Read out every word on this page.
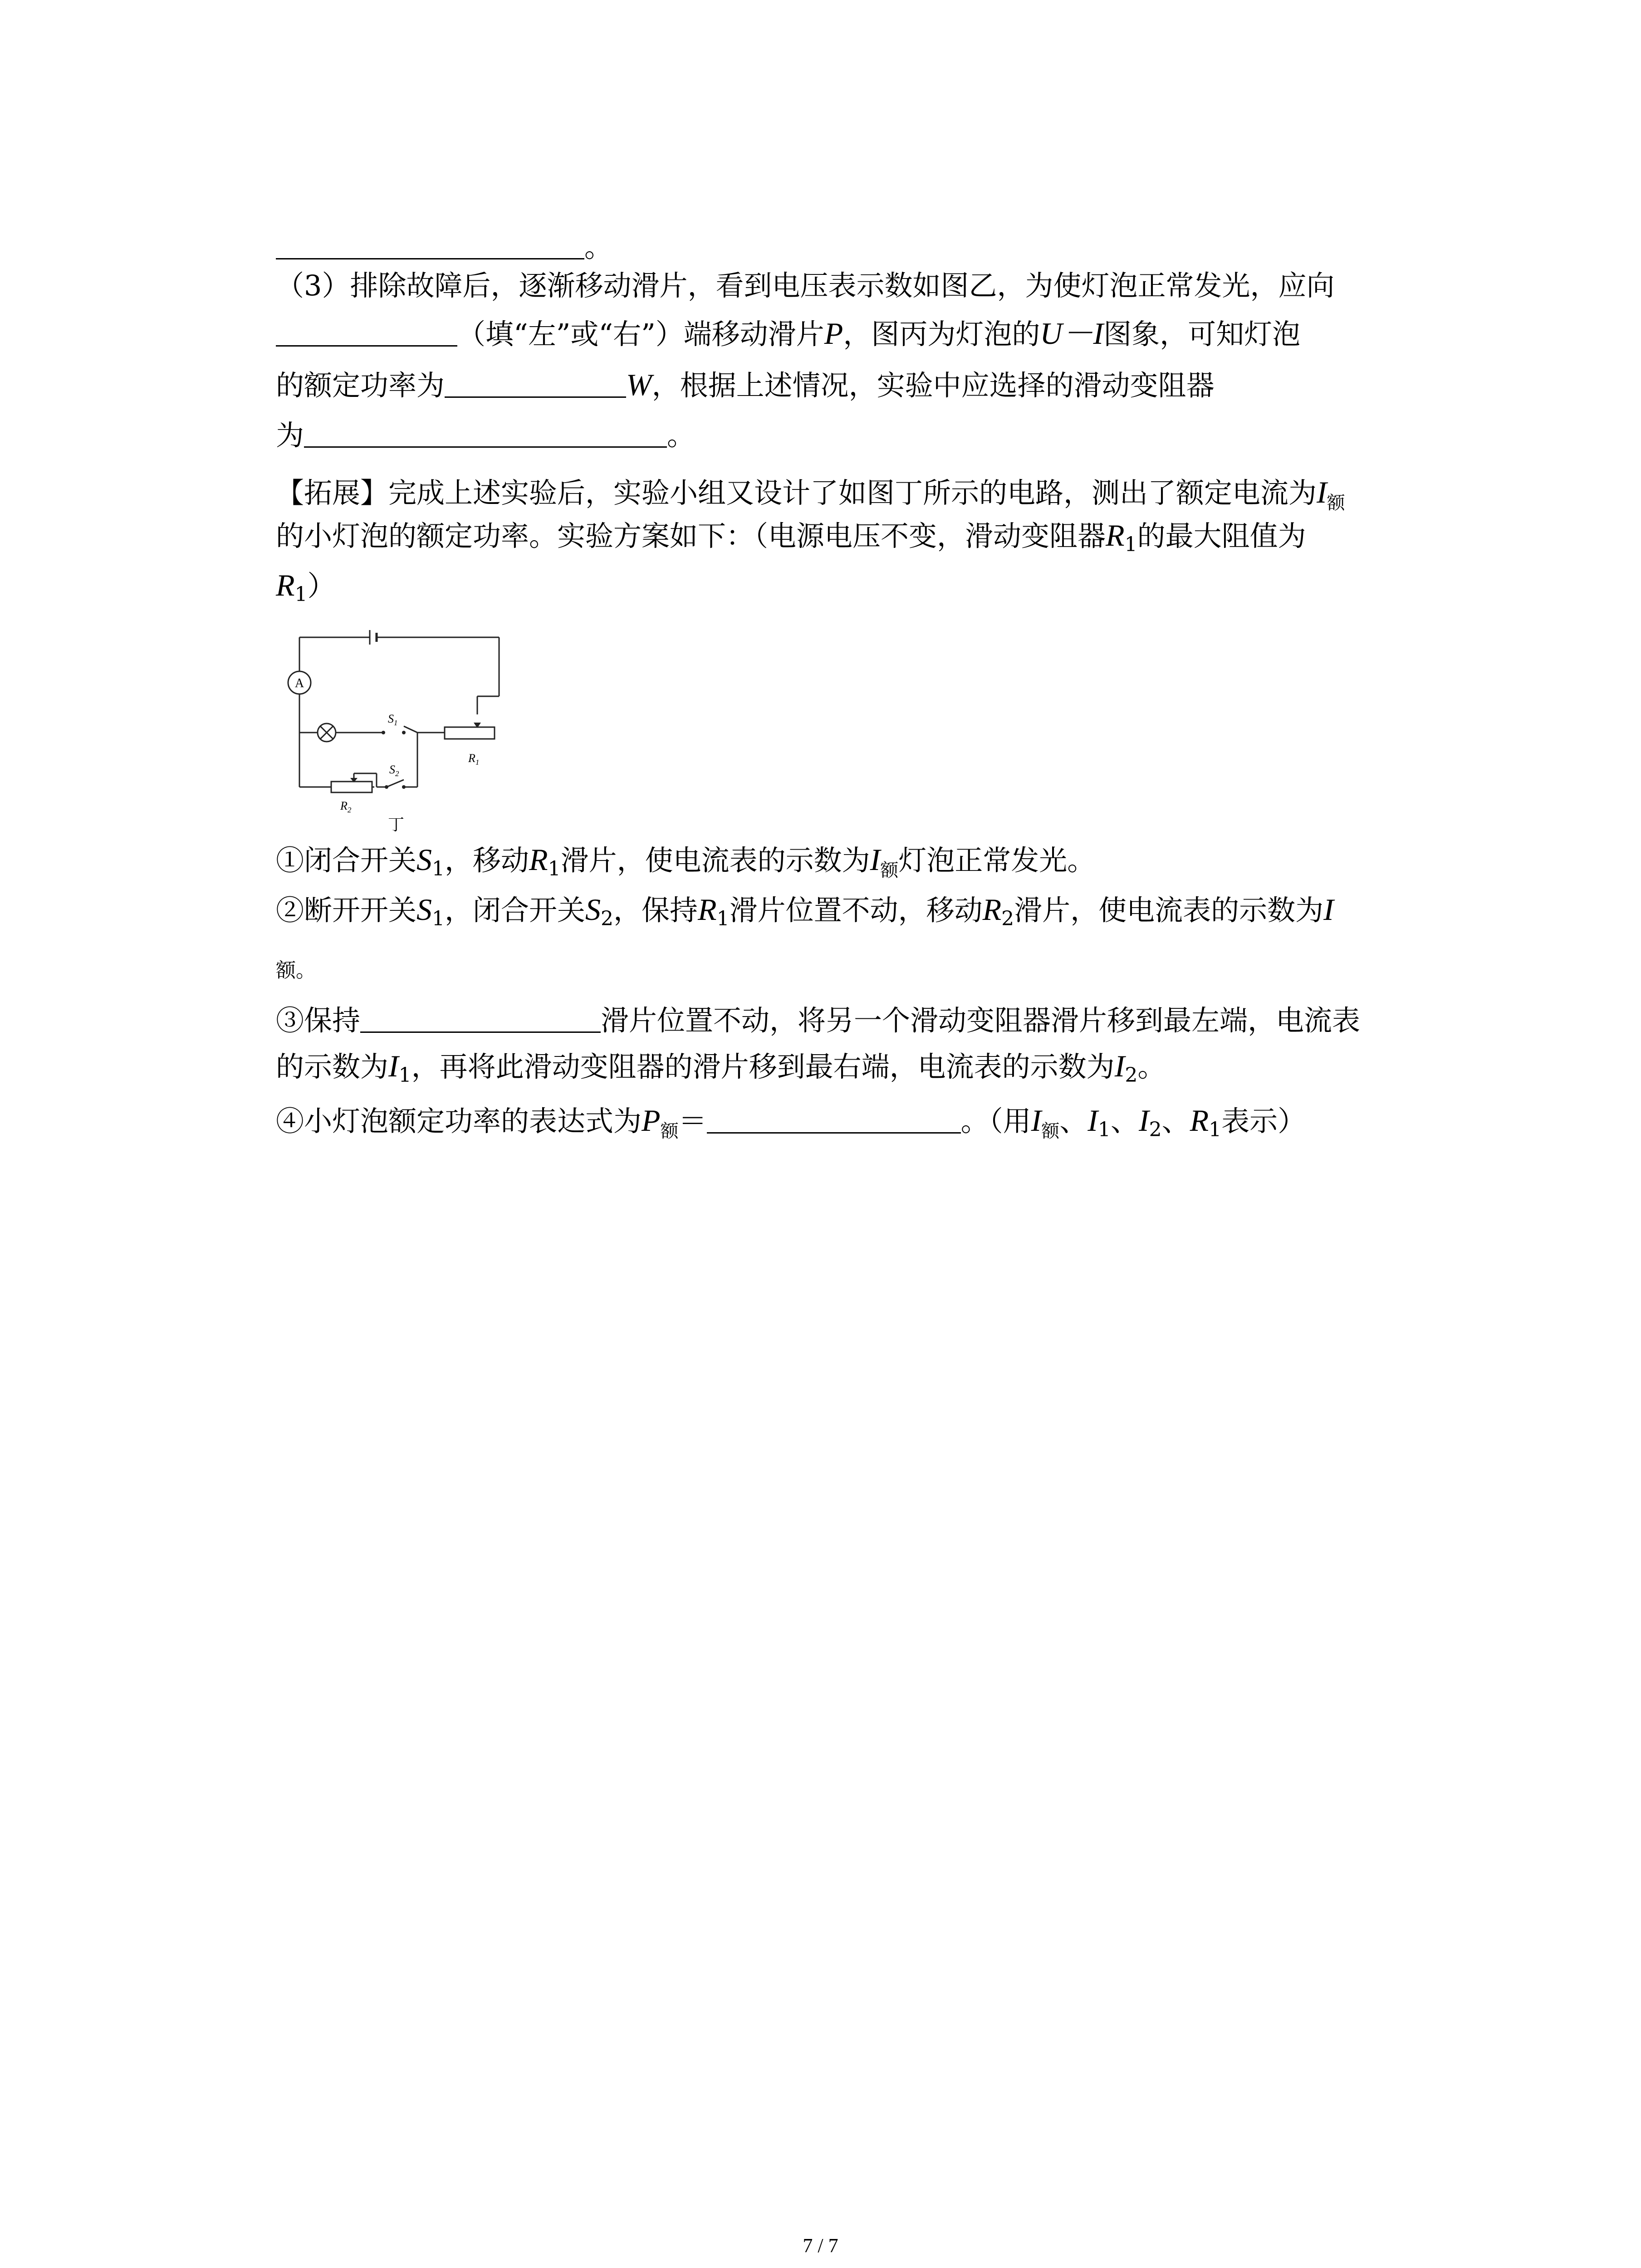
。
（3）排除故障后，逐渐移动滑片，看到电压表示数如图乙，为使灯泡正常发光，应向
（填“左”或“右”）端移动滑片P，图丙为灯泡的U－I图象，可知灯泡
的额定功率为	W，根据上述情况，实验中应选择的滑动变阻器
为	。
【拓展】完成上述实验后，实验小组又设计了如图丁所示的电路，测出了额定电流为$I_额$
的小灯泡的额定功率。实验方案如下：（电源电压不变，滑动变阻器$R_1$的最大阻值为
$R_1$）
A
$S_1$
$R_1$
$R_2$
$S_2$
丁
①闭合开关$S_1$，移动$R_1$滑片，使电流表的示数为$I_额$灯泡正常发光。
②断开开关$S_1$，闭合开关$S_2$，保持$R_1$滑片位置不动，移动$R_2$滑片，使电流表的示数为I
额。
③保持	滑片位置不动，将另一个滑动变阻器滑片移到最左端，电流表
的示数为$I_1$，再将此滑动变阻器的滑片移到最右端，电流表的示数为$I_2$。
④小灯泡额定功率的表达式为$P_额=$	。（用$I_额$、$I_1$、$I_2$、$R_1$表示）
7 / 7
